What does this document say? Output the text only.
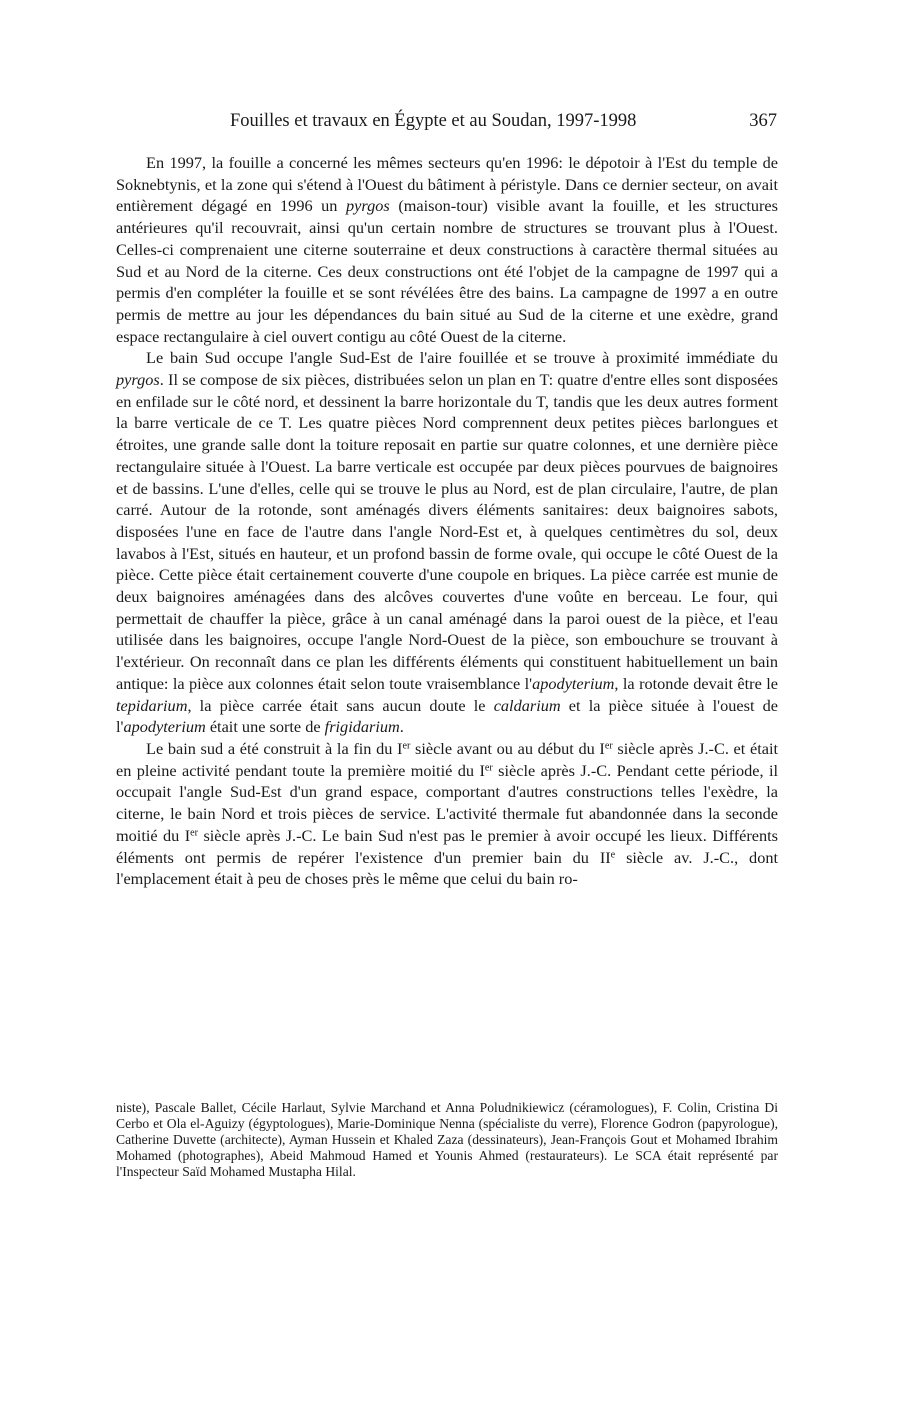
Fouilles et travaux en Égypte et au Soudan, 1997-1998	367

En 1997, la fouille a concerné les mêmes secteurs qu'en 1996: le dépotoir à l'Est du temple de Soknebtynis, et la zone qui s'étend à l'Ouest du bâtiment à péristyle. Dans ce dernier secteur, on avait entièrement dégagé en 1996 un pyrgos (maison-tour) visible avant la fouille, et les structures antérieures qu'il recouvrait, ainsi qu'un certain nombre de structures se trouvant plus à l'Ouest. Celles-ci comprenaient une citerne souterraine et deux constructions à caractère thermal situées au Sud et au Nord de la citerne. Ces deux constructions ont été l'objet de la campagne de 1997 qui a permis d'en compléter la fouille et se sont révélées être des bains. La campagne de 1997 a en outre permis de mettre au jour les dépendances du bain situé au Sud de la citerne et une exèdre, grand espace rectangulaire à ciel ouvert contigu au côté Ouest de la citerne.

Le bain Sud occupe l'angle Sud-Est de l'aire fouillée et se trouve à proximité immédiate du pyrgos. Il se compose de six pièces, distribuées selon un plan en T: quatre d'entre elles sont disposées en enfilade sur le côté nord, et dessinent la barre horizontale du T, tandis que les deux autres forment la barre verticale de ce T. Les quatre pièces Nord comprennent deux petites pièces barlongues et étroites, une grande salle dont la toiture reposait en partie sur quatre colonnes, et une dernière pièce rectangulaire située à l'Ouest. La barre verticale est occupée par deux pièces pourvues de baignoires et de bassins. L'une d'elles, celle qui se trouve le plus au Nord, est de plan circulaire, l'autre, de plan carré. Autour de la rotonde, sont aménagés divers éléments sanitaires: deux baignoires sabots, disposées l'une en face de l'autre dans l'angle Nord-Est et, à quelques centimètres du sol, deux lavabos à l'Est, situés en hauteur, et un profond bassin de forme ovale, qui occupe le côté Ouest de la pièce. Cette pièce était certainement couverte d'une coupole en briques. La pièce carrée est munie de deux baignoires aménagées dans des alcôves couvertes d'une voûte en berceau. Le four, qui permettait de chauffer la pièce, grâce à un canal aménagé dans la paroi ouest de la pièce, et l'eau utilisée dans les baignoires, occupe l'angle Nord-Ouest de la pièce, son embouchure se trouvant à l'extérieur. On reconnaît dans ce plan les différents éléments qui constituent habituellement un bain antique: la pièce aux colonnes était selon toute vraisemblance l'apodyterium, la rotonde devait être le tepidarium, la pièce carrée était sans aucun doute le caldarium et la pièce située à l'ouest de l'apodyterium était une sorte de frigidarium.

Le bain sud a été construit à la fin du Ier siècle avant ou au début du Ier siècle après J.-C. et était en pleine activité pendant toute la première moitié du Ier siècle après J.-C. Pendant cette période, il occupait l'angle Sud-Est d'un grand espace, comportant d'autres constructions telles l'exèdre, la citerne, le bain Nord et trois pièces de service. L'activité thermale fut abandonnée dans la seconde moitié du Ier siècle après J.-C. Le bain Sud n'est pas le premier à avoir occupé les lieux. Différents éléments ont permis de repérer l'existence d'un premier bain du IIe siècle av. J.-C., dont l'emplacement était à peu de choses près le même que celui du bain ro-

niste), Pascale Ballet, Cécile Harlaut, Sylvie Marchand et Anna Poludnikiewicz (céramologues), F. Colin, Cristina Di Cerbo et Ola el-Aguizy (égyptologues), Marie-Dominique Nenna (spécialiste du verre), Florence Godron (papyrologue), Catherine Duvette (architecte), Ayman Hussein et Khaled Zaza (dessinateurs), Jean-François Gout et Mohamed Ibrahim Mohamed (photographes), Abeid Mahmoud Hamed et Younis Ahmed (restaurateurs). Le SCA était représenté par l'Inspecteur Saïd Mohamed Mustapha Hilal.
